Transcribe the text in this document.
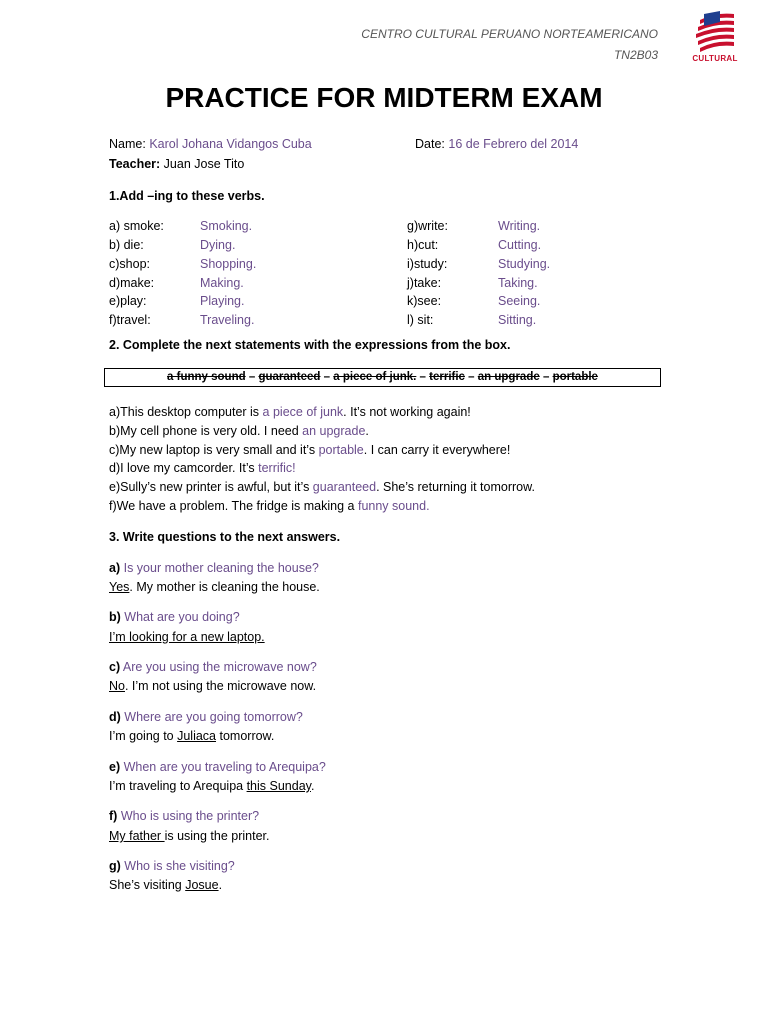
CENTRO CULTURAL PERUANO NORTEAMERICANO
TN2B03	CULTURAL
PRACTICE FOR MIDTERM EXAM
Name: Karol Johana Vidangos Cuba	Date: 16 de Febrero del 2014
Teacher: Juan Jose Tito
1.Add –ing to these verbs.
a) smoke:	Smoking.
b) die:	Dying.
c)shop:	Shopping.
d)make:	Making.
e)play:	Playing.
f)travel:	Traveling.
g)write:	Writing.
h)cut:	Cutting.
i)study:	Studying.
j)take:	Taking.
k)see:	Seeing.
l) sit:	Sitting.
2. Complete the next statements with the expressions from the box.
a funny sound – guaranteed – a piece of junk. – terrific – an upgrade – portable
a)This desktop computer is a piece of junk. It’s not working again!
b)My cell phone is very old. I need an upgrade.
c)My new laptop is very small and it’s portable. I can carry it everywhere!
d)I love my camcorder. It’s terrific!
e)Sully’s new printer is awful, but it’s guaranteed. She’s returning it tomorrow.
f)We have a problem. The fridge is making a funny sound.
3. Write questions to the next answers.
a) Is your mother cleaning the house?
Yes. My mother is cleaning the house.
b) What are you doing?
I’m looking for a new laptop.
c) Are you using the microwave now?
No. I’m not using the microwave now.
d) Where are you going tomorrow?
I’m going to Juliaca tomorrow.
e) When are you traveling to Arequipa?
I’m traveling to Arequipa this Sunday.
f) Who is using the printer?
My father is using the printer.
g) Who is she visiting?
She’s visiting Josue.
